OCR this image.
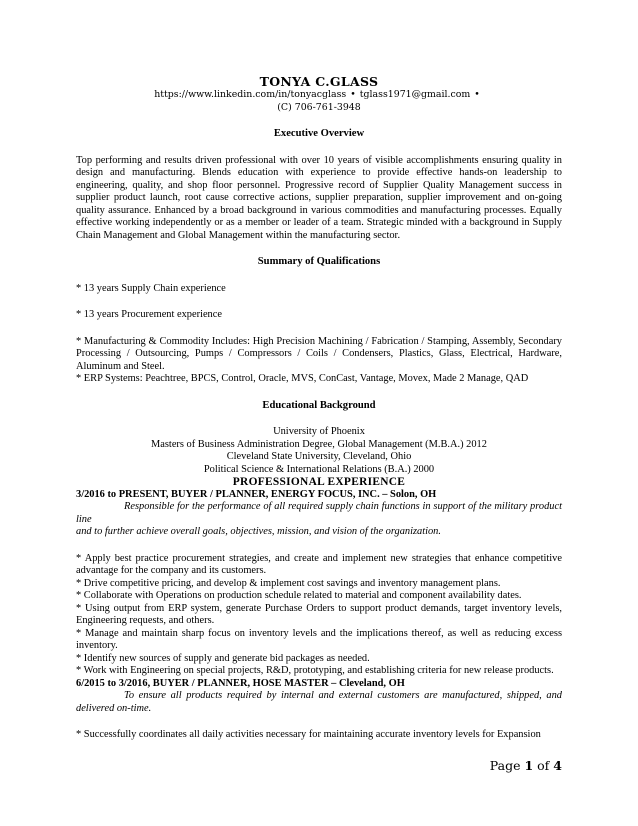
TONYA C.GLASS

https://www.linkedin.com/in/tonyacglass • tglass1971@gmail.com •

(C) 706-761-3948

Executive Overview

Top performing and results driven professional with over 10 years of visible accomplishments ensuring quality in design and manufacturing. Blends education with experience to provide effective hands-on leadership to engineering, quality, and shop floor personnel. Progressive record of Supplier Quality Management success in supplier product launch, root cause corrective actions, supplier preparation, supplier improvement and on-going quality assurance. Enhanced by a broad background in various commodities and manufacturing processes. Equally effective working independently or as a member or leader of a team. Strategic minded with a background in Supply Chain Management and Global Management within the manufacturing sector.

Summary of Qualifications

* 13 years Supply Chain experience

* 13 years Procurement experience

* Manufacturing & Commodity Includes: High Precision Machining / Fabrication / Stamping, Assembly, Secondary Processing / Outsourcing, Pumps / Compressors / Coils / Condensers, Plastics, Glass, Electrical, Hardware, Aluminum and Steel.

* ERP Systems: Peachtree, BPCS, Control, Oracle, MVS, ConCast, Vantage, Movex, Made 2 Manage, QAD

Educational Background

University of Phoenix

Masters of Business Administration Degree, Global Management (M.B.A.) 2012

Cleveland State University, Cleveland, Ohio

Political Science & International Relations (B.A.) 2000

PROFESSIONAL EXPERIENCE

3/2016 to PRESENT, BUYER / PLANNER, ENERGY FOCUS, INC. – Solon, OH

Responsible for the performance of all required supply chain functions in support of the military product line

and to further achieve overall goals, objectives, mission, and vision of the organization.

* Apply best practice procurement strategies, and create and implement new strategies that enhance competitive advantage for the company and its customers.

* Drive competitive pricing, and develop & implement cost savings and inventory management plans.

* Collaborate with Operations on production schedule related to material and component availability dates.

* Using output from ERP system, generate Purchase Orders to support product demands, target inventory levels, Engineering requests, and others.

* Manage and maintain sharp focus on inventory levels and the implications thereof, as well as reducing excess inventory.

* Identify new sources of supply and generate bid packages as needed.

* Work with Engineering on special projects, R&D, prototyping, and establishing criteria for new release products.

6/2015 to 3/2016, BUYER / PLANNER, HOSE MASTER – Cleveland, OH

To ensure all products required by internal and external customers are manufactured, shipped, and delivered on-time.

* Successfully coordinates all daily activities necessary for maintaining accurate inventory levels for Expansion

Page 1 of 4
